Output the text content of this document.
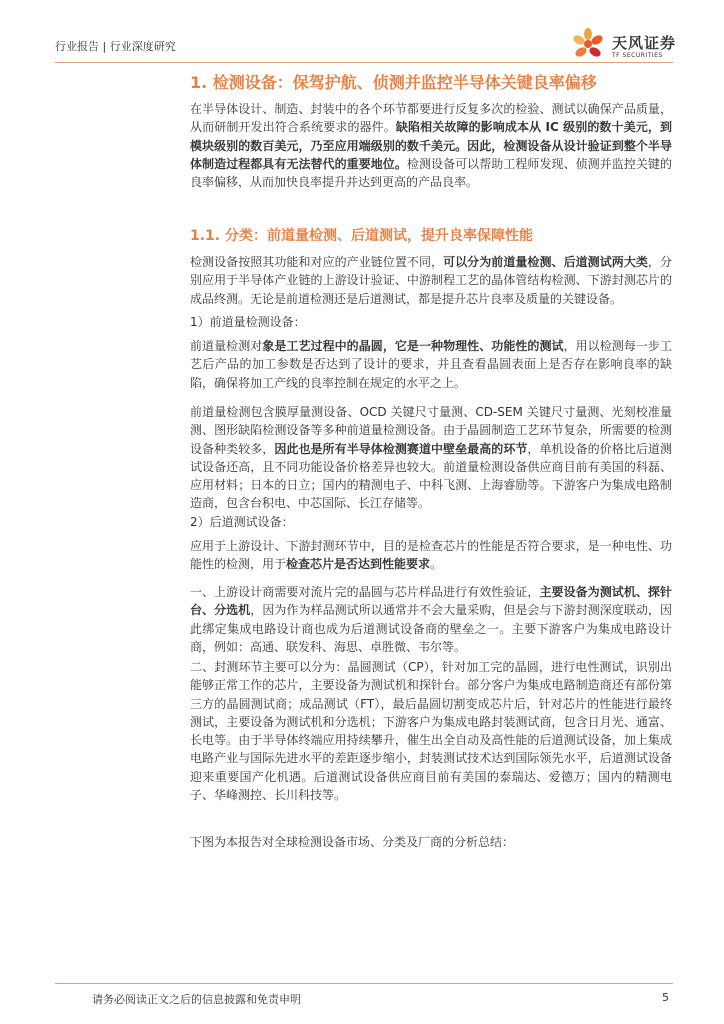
行业报告 | 行业深度研究	天风证券
TF SECURITIES
1. 检测设备：保驾护航、侦测并监控半导体关键良率偏移

在半导体设计、制造、封装中的各个环节都要进行反复多次的检验、测试以确保产品质量，从而研制开发出符合系统要求的器件。缺陷相关故障的影响成本从 IC 级别的数十美元，到模块级别的数百美元，乃至应用端级别的数千美元。因此，检测设备从设计验证到整个半导体制造过程都具有无法替代的重要地位。检测设备可以帮助工程师发现、侦测并监控关键的良率偏移，从而加快良率提升并达到更高的产品良率。

1.1. 分类：前道量检测、后道测试，提升良率保障性能

检测设备按照其功能和对应的产业链位置不同，可以分为前道量检测、后道测试两大类，分别应用于半导体产业链的上游设计验证、中游制程工艺的晶体管结构检测、下游封测芯片的成品终测。无论是前道检测还是后道测试，都是提升芯片良率及质量的关键设备。

1）前道量检测设备：

前道量检测对象是工艺过程中的晶圆，它是一种物理性、功能性的测试，用以检测每一步工艺后产品的加工参数是否达到了设计的要求，并且查看晶圆表面上是否存在影响良率的缺陷，确保将加工产线的良率控制在规定的水平之上。

前道量检测包含膜厚量测设备、OCD 关键尺寸量测、CD-SEM 关键尺寸量测、光刻校准量测、图形缺陷检测设备等多种前道量检测设备。由于晶圆制造工艺环节复杂，所需要的检测设备种类较多，因此也是所有半导体检测赛道中壁垒最高的环节，单机设备的价格比后道测试设备还高，且不同功能设备价格差异也较大。前道量检测设备供应商目前有美国的科磊、应用材料；日本的日立；国内的精测电子、中科飞测、上海睿励等。下游客户为集成电路制造商，包含台积电、中芯国际、长江存储等。

2）后道测试设备：

应用于上游设计、下游封测环节中，目的是检查芯片的性能是否符合要求，是一种电性、功能性的检测，用于检查芯片是否达到性能要求。

一、上游设计商需要对流片完的晶圆与芯片样品进行有效性验证，主要设备为测试机、探针台、分选机，因为作为样品测试所以通常并不会大量采购，但是会与下游封测深度联动，因此绑定集成电路设计商也成为后道测试设备商的壁垒之一。主要下游客户为集成电路设计商，例如：高通、联发科、海思、卓胜微、韦尔等。

二、封测环节主要可以分为：晶圆测试（CP），针对加工完的晶圆，进行电性测试，识别出能够正常工作的芯片，主要设备为测试机和探针台。部分客户为集成电路制造商还有部份第三方的晶圆测试商；成品测试（FT），最后晶圆切割变成芯片后，针对芯片的性能进行最终测试，主要设备为测试机和分选机；下游客户为集成电路封装测试商，包含日月光、通富、长电等。由于半导体终端应用持续攀升，催生出全自动及高性能的后道测试设备，加上集成电路产业与国际先进水平的差距逐步缩小，封装测试技术达到国际领先水平，后道测试设备迎来重要国产化机遇。后道测试设备供应商目前有美国的泰瑞达、爱德万；国内的精测电子、华峰测控、长川科技等。

下图为本报告对全球检测设备市场、分类及厂商的分析总结：

请务必阅读正文之后的信息披露和免责申明	5
